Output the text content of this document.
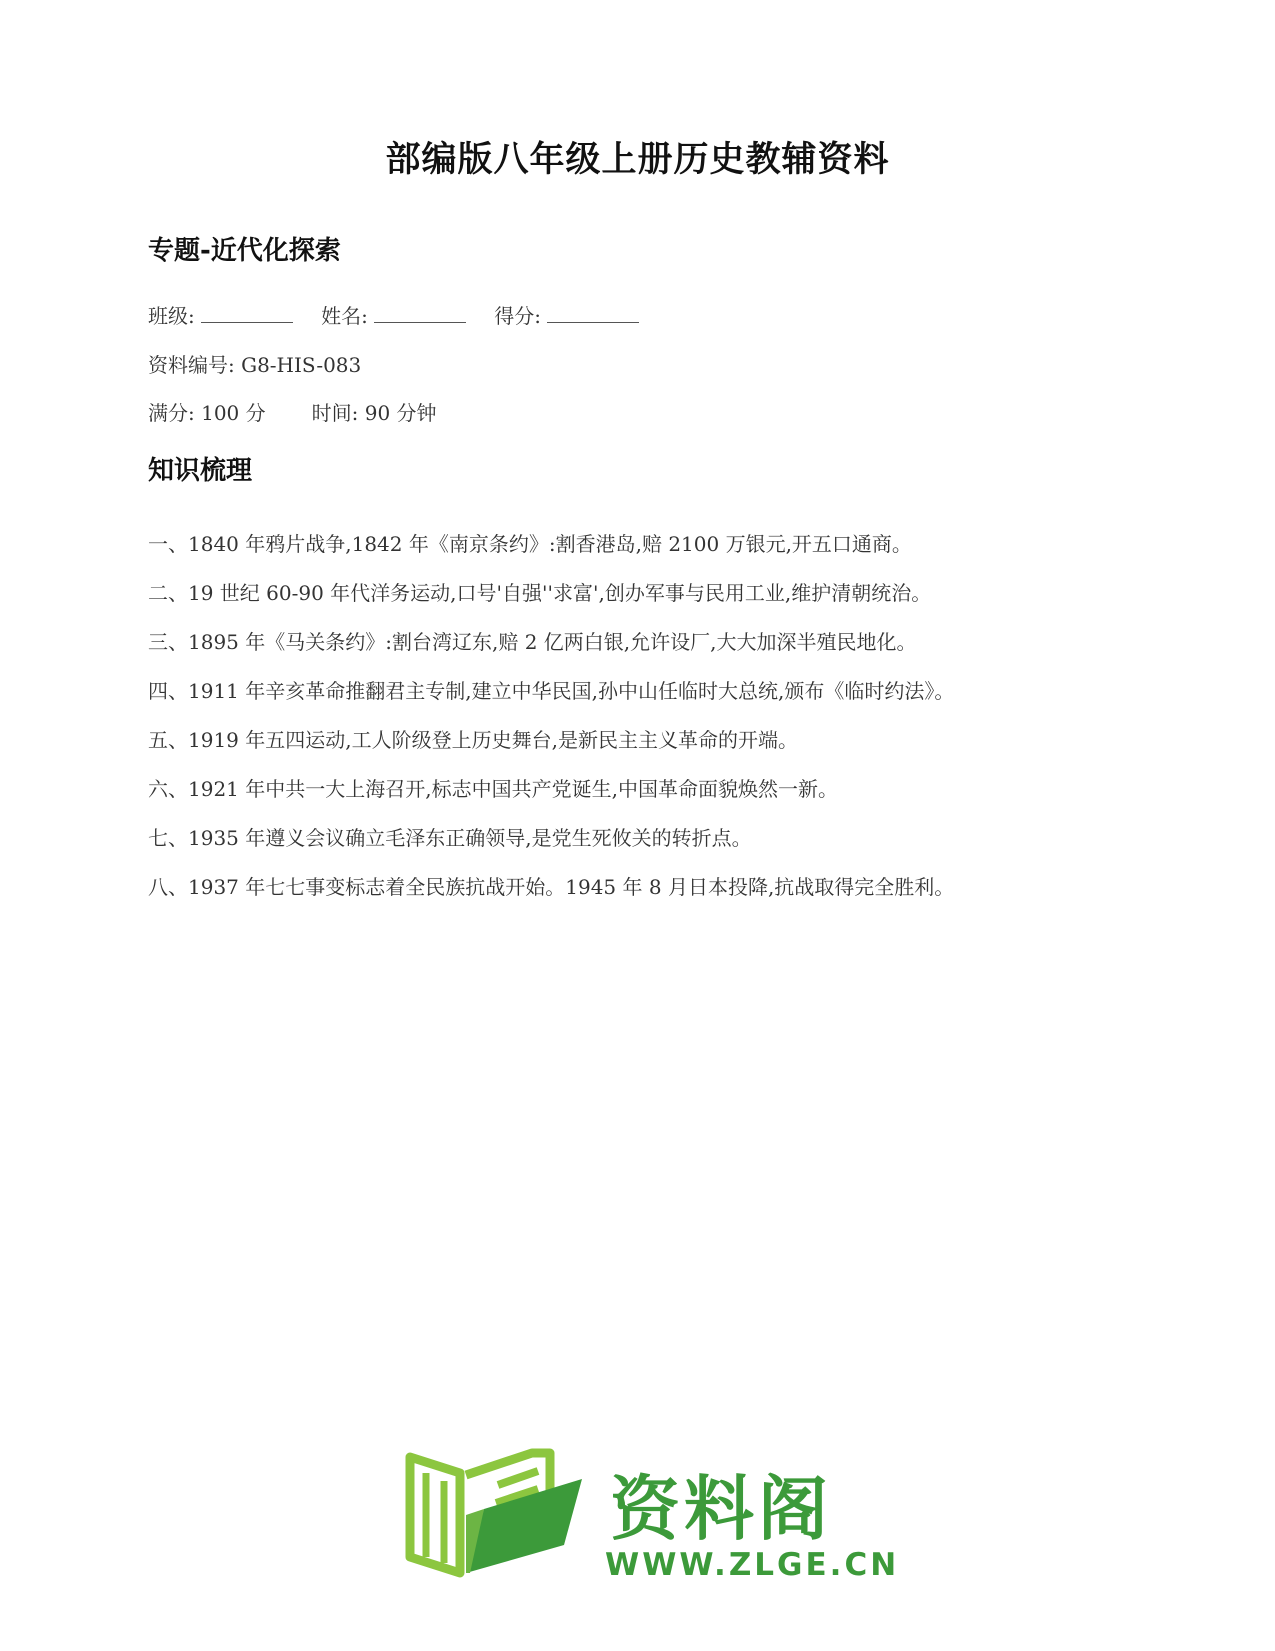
部编版八年级上册历史教辅资料
专题-近代化探索
班级:	姓名:	得分:
资料编号: G8-HIS-083
满分: 100 分 时间: 90 分钟
知识梳理
一、1840 年鸦片战争,1842 年《南京条约》:割香港岛,赔 2100 万银元,开五口通商。
二、19 世纪 60-90 年代洋务运动,口号'自强''求富',创办军事与民用工业,维护清朝统治。
三、1895 年《马关条约》:割台湾辽东,赔 2 亿两白银,允许设厂,大大加深半殖民地化。
四、1911 年辛亥革命推翻君主专制,建立中华民国,孙中山任临时大总统,颁布《临时约法》。
五、1919 年五四运动,工人阶级登上历史舞台,是新民主主义革命的开端。
六、1921 年中共一大上海召开,标志中国共产党诞生,中国革命面貌焕然一新。
七、1935 年遵义会议确立毛泽东正确领导,是党生死攸关的转折点。
八、1937 年七七事变标志着全民族抗战开始。1945 年 8 月日本投降,抗战取得完全胜利。
资料阁
WWW.ZLGE.CN
